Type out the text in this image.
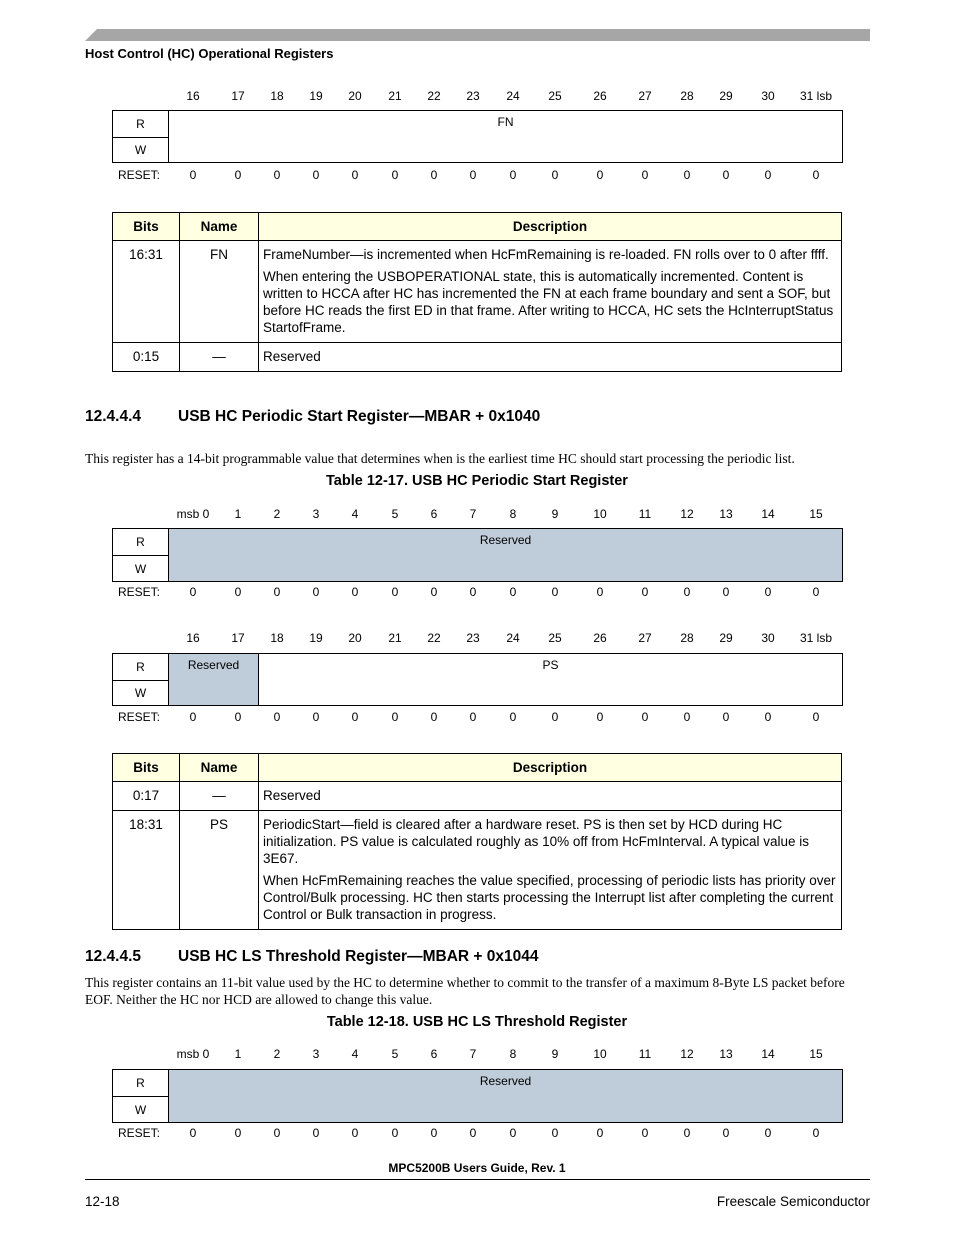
Host Control (HC) Operational Registers
16	17 18 19 20 21 22 23 24 25	26	27 28 29 30 31 lsb
R
W
FN
RESET: 0	0	0	0	0	0	0	0	0	0	0	0	0	0	0	0
Bits	Name	Description
16:31	FN	FrameNumber—is incremented when HcFmRemaining is re-loaded. FN rolls over to 0 after ffff.

When entering the USBOPERATIONAL state, this is automatically incremented. Content is written to HCCA after HC has incremented the FN at each frame boundary and sent a SOF, but before HC reads the first ED in that frame. After writing to HCCA, HC sets the HcInterruptStatus StartofFrame.

0:15	—	Reserved
12.4.4.4 USB HC Periodic Start Register—MBAR + 0x1040
This register has a 14-bit programmable value that determines when is the earliest time HC should start processing the periodic list.
Table 12-17. USB HC Periodic Start Register
msb 0 1	2	3	4	5	6	7	8	9	10	11 12 13 14	15
R
W
Reserved
RESET: 0	0	0	0	0	0	0	0	0	0	0	0	0	0	0	0
16	17 18 19 20 21 22 23 24 25	26	27 28 29 30 31 lsb
R
W
Reserved	PS
RESET: 0	0	0	0	0	0	0	0	0	0	0	0	0	0	0	0
Bits	Name	Description
0:17	—	Reserved
18:31	PS	PeriodicStart—field is cleared after a hardware reset. PS is then set by HCD during HC initialization. PS value is calculated roughly as 10% off from HcFmInterval. A typical value is 3E67.

When HcFmRemaining reaches the value specified, processing of periodic lists has priority over Control/Bulk processing. HC then starts processing the Interrupt list after completing the current Control or Bulk transaction in progress.

12.4.4.5 USB HC LS Threshold Register—MBAR + 0x1044
This register contains an 11-bit value used by the HC to determine whether to commit to the transfer of a maximum 8-Byte LS packet before EOF. Neither the HC nor HCD are allowed to change this value.
Table 12-18. USB HC LS Threshold Register
msb 0 1	2	3	4	5	6	7	8	9	10	11 12 13 14	15
R
W
Reserved
RESET: 0	0	0	0	0	0	0	0	0	0	0	0	0	0	0	0
MPC5200B Users Guide, Rev. 1
12-18	Freescale Semiconductor
